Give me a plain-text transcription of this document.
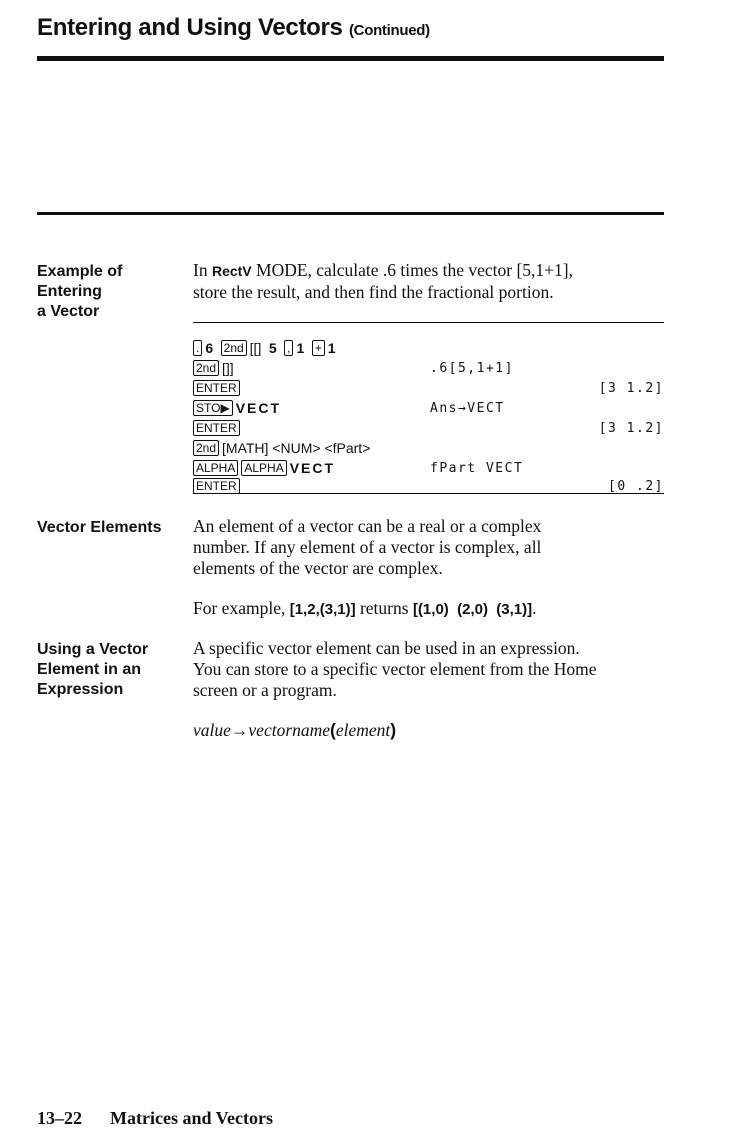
Entering and Using Vectors (Continued)
Example of
Entering
a Vector
In RectV MODE, calculate .6 times the vector [5,1+1],
store the result, and then find the fractional portion.
. 6 2nd [[] 5 , 1 + 1
2nd []]	.6[5,1+1]
ENTER	[3 1.2]
STO▶ VECT	Ans→VECT
ENTER	[3 1.2]
2nd [MATH] <NUM> <fPart>
ALPHA ALPHA VECT	fPart VECT
ENTER	[0 .2]
Vector Elements	An element of a vector can be a real or a complex
number. If any element of a vector is complex, all
elements of the vector are complex.
For example, [1,2,(3,1)] returns [(1,0)  (2,0)  (3,1)].
Using a Vector
Element in an
Expression
A specific vector element can be used in an expression.
You can store to a specific vector element from the Home
screen or a program.
value→vectorname(element)
13–22 Matrices and Vectors
